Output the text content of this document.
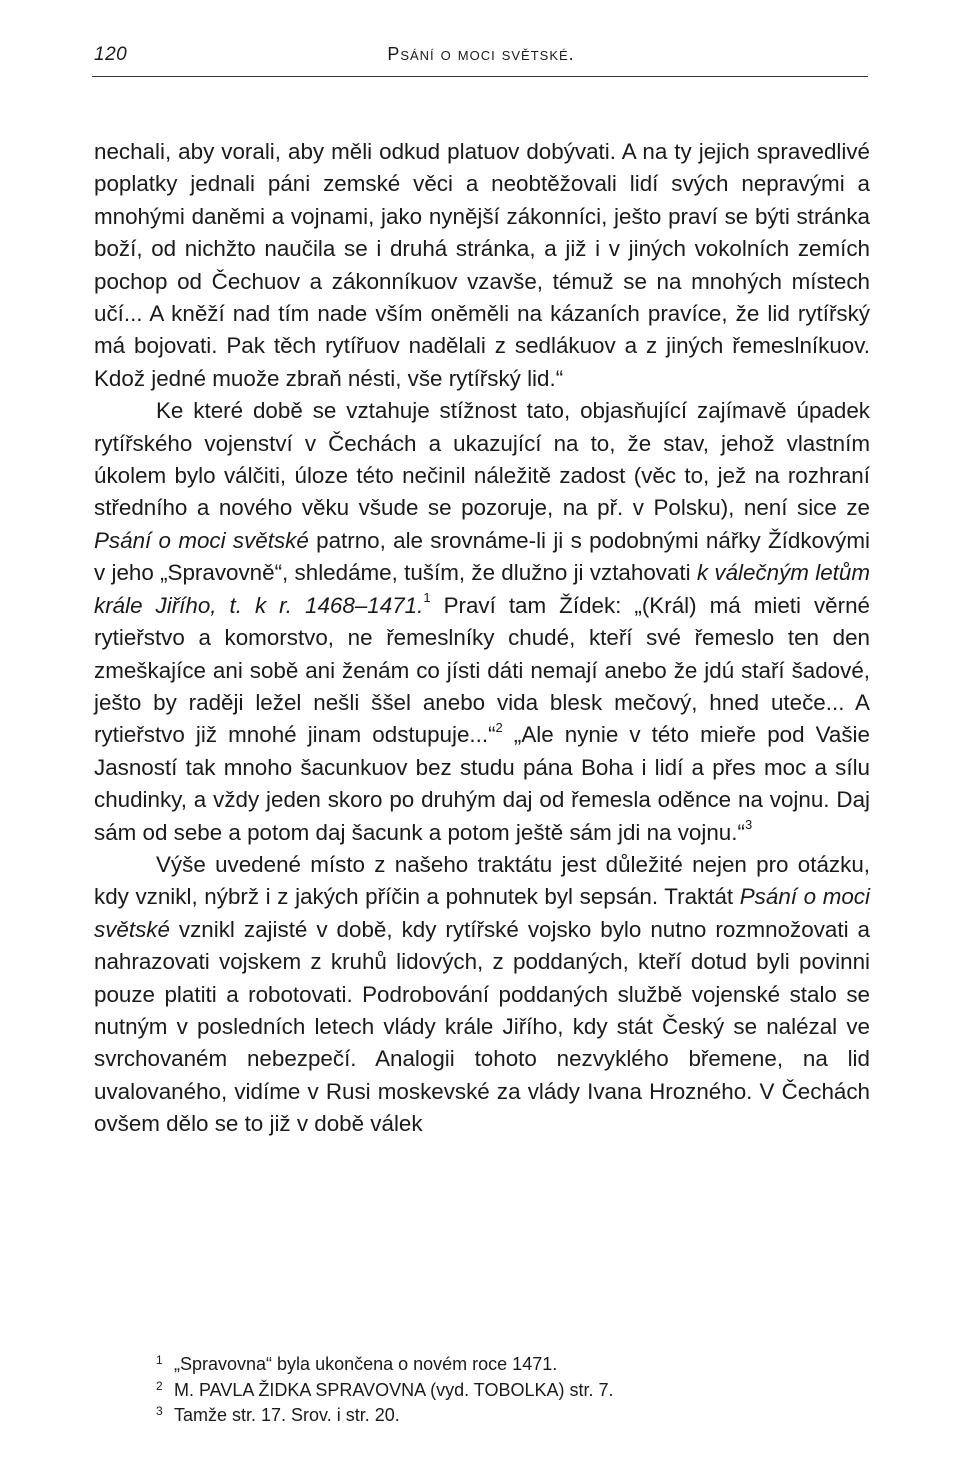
120	Psání o moci světské.

nechali, aby vorali, aby měli odkud platuov dobývati. A na ty jejich spravedlivé poplatky jednali páni zemské věci a neobtěžovali lidí svých nepravými a mnohými daněmi a vojnami, jako nynější zákonníci, ješto praví se býti stránka boží, od nichžto naučila se i druhá stránka, a již i v jiných vokolních zemích pochop od Čechuov a zákonníkuov vzavše, témuž se na mnohých místech učí... A kněží nad tím nade vším oněměli na kázaních pravíce, že lid rytířský má bojovati. Pak těch rytířuov nadělali z sedlákuov a z jiných řemeslníkuov. Kdož jedné muože zbraň nésti, vše rytířský lid.“

Ke které době se vztahuje stížnost tato, objasňující zajímavě úpadek rytířského vojenství v Čechách a ukazující na to, že stav, jehož vlastním úkolem bylo válčiti, úloze této nečinil náležitě zadost (věc to, jež na rozhraní středního a nového věku všude se pozoruje, na př. v Polsku), není sice ze Psání o moci světské patrno, ale srovnáme-li ji s podobnými nářky Žídkovými v jeho „Spravovně“, shledáme, tuším, že dlužno ji vztahovati k válečným letům krále Jiřího, t. k r. 1468–1471.$^1$ Praví tam Žídek: „(Král) má mieti věrné rytieřstvo a komorstvo, ne řemeslníky chudé, kteří své řemeslo ten den zmeškajíce ani sobě ani ženám co jísti dáti nemají anebo že jdú staří šadové, ješto by raději ležel nešli ššel anebo vida blesk mečový, hned uteče... A rytieřstvo již mnohé jinam odstupuje...“$^2$ „Ale nynie v této mieře pod Vašie Jasností tak mnoho šacunkuov bez studu pána Boha i lidí a přes moc a sílu chudinky, a vždy jeden skoro po druhým daj od řemesla oděnce na vojnu. Daj sám od sebe a potom daj šacunk a potom ještě sám jdi na vojnu.“$^3$

Výše uvedené místo z našeho traktátu jest důležité nejen pro otázku, kdy vznikl, nýbrž i z jakých příčin a pohnutek byl sepsán. Traktát Psání o moci světské vznikl zajisté v době, kdy rytířské vojsko bylo nutno rozmnožovati a nahrazovati vojskem z kruhů lidových, z poddaných, kteří dotud byli povinni pouze platiti a robotovati. Podrobování poddaných službě vojenské stalo se nutným v posledních letech vlády krále Jiřího, kdy stát Český se nalézal ve svrchovaném nebezpečí. Analogii tohoto nezvyklého břemene, na lid uvalovaného, vidíme v Rusi moskevské za vlády Ivana Hrozného. V Čechách ovšem dělo se to již v době válek

1 „Spravovna“ byla ukončena o novém roce 1471.
2 M. PAVLA ŽIDKA SPRAVOVNA (vyd. TOBOLKA) str. 7.
3 Tamže str. 17. Srov. i str. 20.
